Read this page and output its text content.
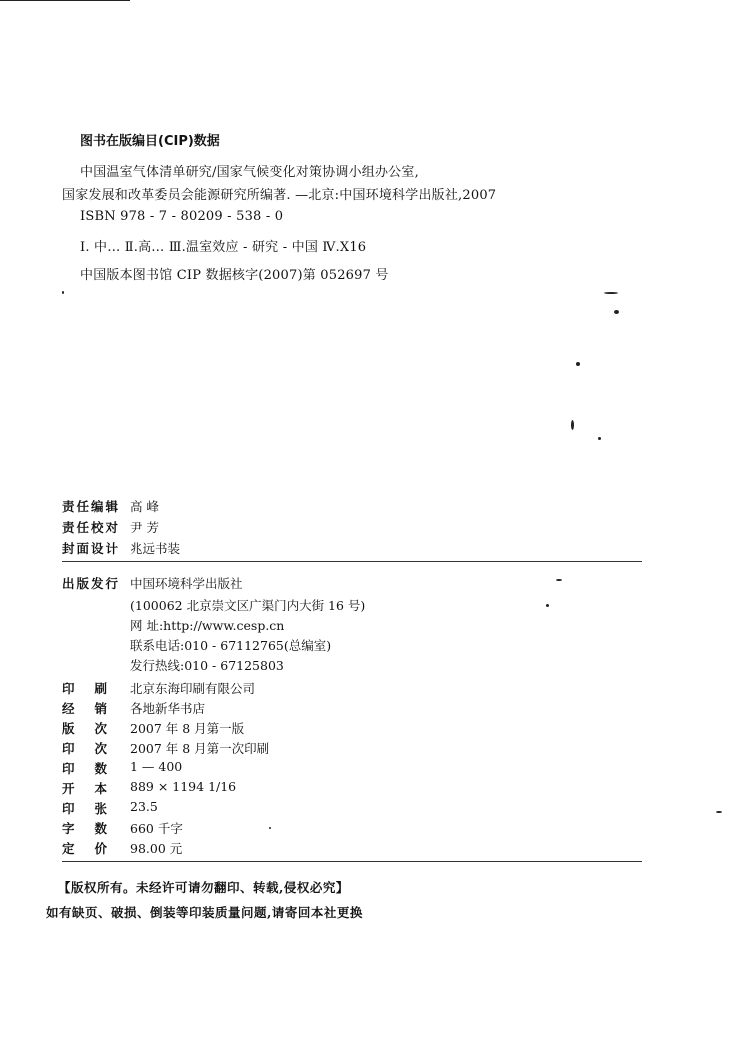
图书在版编目(CIP)数据
中国温室气体清单研究/国家气候变化对策协调小组办公室,
国家发展和改革委员会能源研究所编著. —北京:中国环境科学出版社,2007
ISBN 978 - 7 - 80209 - 538 - 0
Ⅰ. 中… Ⅱ.高… Ⅲ.温室效应 - 研究 - 中国 Ⅳ.X16
中国版本图书馆 CIP 数据核字(2007)第 052697 号
责任编辑 高 峰
责任校对 尹 芳
封面设计 兆远书装
出版发行 中国环境科学出版社
(100062 北京崇文区广渠门内大街 16 号)
网 址:http://www.cesp.cn
联系电话:010 - 67112765(总编室)
发行热线:010 - 67125803
印 刷 北京东海印刷有限公司
经 销 各地新华书店
版 次 2007 年 8 月第一版
印 次 2007 年 8 月第一次印刷
印 数 1 — 400
开 本 889 × 1194 1/16
印 张 23.5
字 数 660 千字
定 价 98.00 元
【版权所有。未经许可请勿翻印、转载,侵权必究】
如有缺页、破损、倒装等印装质量问题,请寄回本社更换
